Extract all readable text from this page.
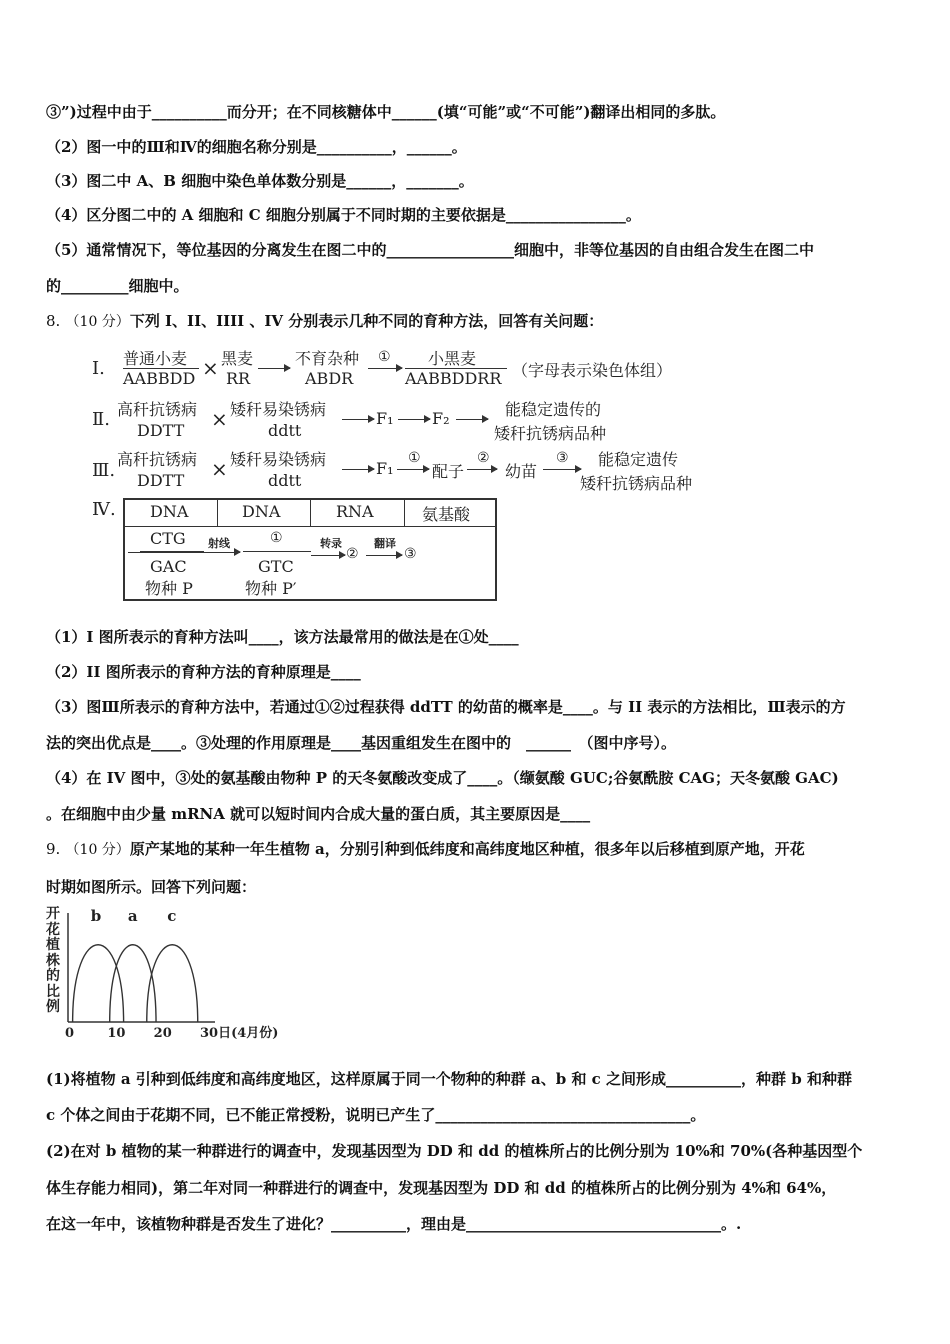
③”)过程中由于__________而分开；在不同核糖体中______(填“可能”或“不可能”)翻译出相同的多肽。
（2）图一中的Ⅲ和Ⅳ的细胞名称分别是__________，______。
（3）图二中 A、B 细胞中染色单体数分别是______，_______。
（4）区分图二中的 A 细胞和 C 细胞分别属于不同时期的主要依据是________________。
（5）通常情况下，等位基因的分离发生在图二中的_________________细胞中，非等位基因的自由组合发生在图二中
的_________细胞中。
8. （10 分）下列 I、II、IIII 、IV 分别表示几种不同的育种方法，回答有关问题：
Ⅰ. 普通小麦
AABBDD × 黑麦
RR
不育杂种
ABDR
① 小黑麦
AABBDDRR （字母表示染色体组）
Ⅱ. 高秆抗锈病
DDTT × 矮秆易染锈病
ddtt
F₁ F₂	能稳定遗传的
矮秆抗锈病品种
Ⅲ.
高秆抗锈病
DDTT × 矮秆易染锈病
ddtt
F₁
①
配子
②
幼苗
③ 能稳定遗传
矮秆抗锈病品种
Ⅳ. DNA	DNA	RNA	氨基酸
CTG
GAC
物种 P
射线	①
GTC
物种 P′
转录
②
翻译
③
（1）I 图所表示的育种方法叫____，该方法最常用的做法是在①处____
（2）II 图所表示的育种方法的育种原理是____
（3）图Ⅲ所表示的育种方法中，若通过①②过程获得 ddTT 的幼苗的概率是____。与 II 表示的方法相比，Ⅲ表示的方
法的突出优点是____。③处理的作用原理是____基因重组发生在图中的　______　（图中序号）。
（4）在 IV 图中，③处的氨基酸由物种 P 的天冬氨酸改变成了____。（缬氨酸 GUC;谷氨酰胺 CAG；天冬氨酸 GAC)
。在细胞中由少量 mRNA 就可以短时间内合成大量的蛋白质，其主要原因是____
9. （10 分）原产某地的某种一年生植物 a，分别引种到低纬度和高纬度地区种植，很多年以后移植到原产地，开花
时期如图所示。回答下列问题：
开花植株的比例
b a c
0	10 20 30日(4月份)
(1)将植物 a 引种到低纬度和高纬度地区，这样原属于同一个物种的种群 a、b 和 c 之间形成__________，种群 b 和种群
c 个体之间由于花期不同，已不能正常授粉，说明已产生了__________________________________。
(2)在对 b 植物的某一种群进行的调查中，发现基因型为 DD 和 dd 的植株所占的比例分别为 10%和 70%(各种基因型个
体生存能力相同)，第二年对同一种群进行的调查中，发现基因型为 DD 和 dd 的植株所占的比例分别为 4%和 64%，
在这一年中，该植物种群是否发生了进化？__________，理由是__________________________________。.
